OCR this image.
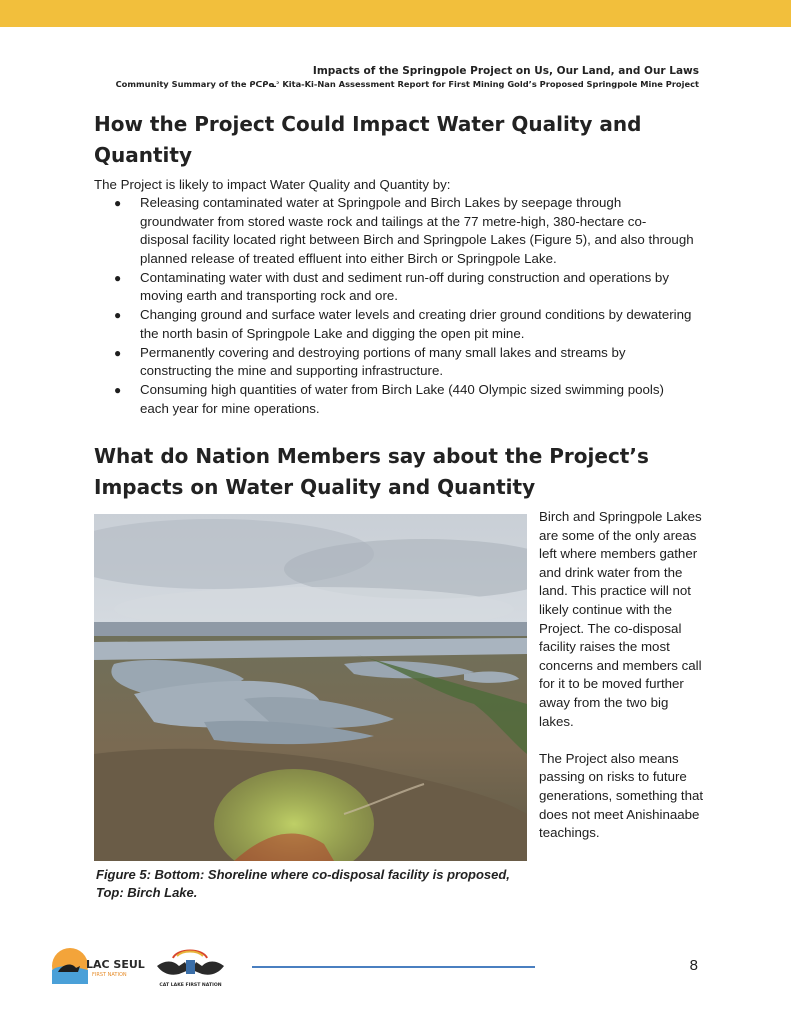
Impacts of the Springpole Project on Us, Our Land, and Our Laws
Community Summary of the ᑭᑕᑭᓇᐣ Kita-Ki-Nan Assessment Report for First Mining Gold’s Proposed Springpole Mine Project
How the Project Could Impact Water Quality and Quantity

The Project is likely to impact Water Quality and Quantity by:

● Releasing contaminated water at Springpole and Birch Lakes by seepage through groundwater from stored waste rock and tailings at the 77 metre-high, 380-hectare co-disposal facility located right between Birch and Springpole Lakes (Figure 5), and also through planned release of treated effluent into either Birch or Springpole Lake.
● Contaminating water with dust and sediment run-off during construction and operations by moving earth and transporting rock and ore.
● Changing ground and surface water levels and creating drier ground conditions by dewatering the north basin of Springpole Lake and digging the open pit mine.
● Permanently covering and destroying portions of many small lakes and streams by constructing the mine and supporting infrastructure.
● Consuming high quantities of water from Birch Lake (440 Olympic sized swimming pools) each year for mine operations.
What do Nation Members say about the Project’s Impacts on Water Quality and Quantity

Figure 5: Bottom: Shoreline where co-disposal facility is proposed, Top: Birch Lake.

Birch and Springpole Lakes are some of the only areas left where members gather and drink water from the land. This practice will not likely continue with the Project. The co-disposal facility raises the most concerns and members call for it to be moved further away from the two big lakes.

The Project also means passing on risks to future generations, something that does not meet Anishinaabe teachings.

LAC SEUL
FIRST NATION
CAT LAKE FIRST NATION
8
